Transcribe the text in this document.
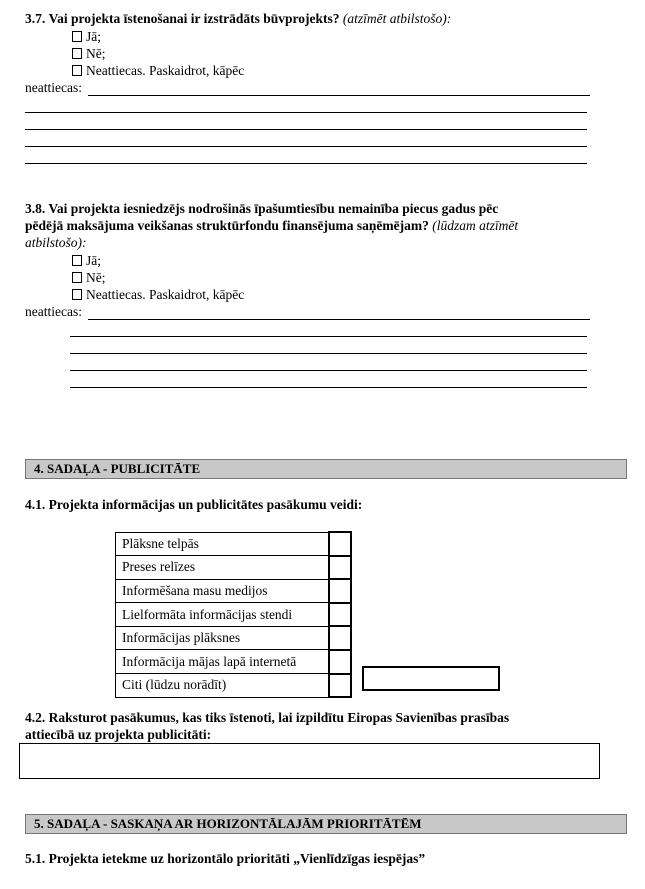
3.7. Vai projekta īstenošanai ir izstrādāts būvprojekts? (atzīmēt atbilstošo):
Jā;
Nē;
Neattiecas. Paskaidrot, kāpēc
neattiecas:
3.8. Vai projekta iesniedzējs nodrošinās īpašumtiesību nemainība piecus gadus pēc
pēdējā maksājuma veikšanas struktūrfondu finansējuma saņēmējam? (lūdzam atzīmēt
atbilstošo):
Jā;
Nē;
Neattiecas. Paskaidrot, kāpēc
neattiecas:
4. SADAĻA - PUBLICITĀTE
4.1. Projekta informācijas un publicitātes pasākumu veidi:
Plāksne telpās	
Preses relīzes	
Informēšana masu medijos	
Lielformāta informācijas stendi	
Informācijas plāksnes	
Informācija mājas lapā internetā	
Citi (lūdzu norādīt)	
4.2. Raksturot pasākumus, kas tiks īstenoti, lai izpildītu Eiropas Savienības prasības
attiecībā uz projekta publicitāti:
5. SADAĻA - SASKAŅA AR HORIZONTĀLAJĀM PRIORITĀTĒM
5.1. Projekta ietekme uz horizontālo prioritāti „Vienlīdzīgas iespējas”
